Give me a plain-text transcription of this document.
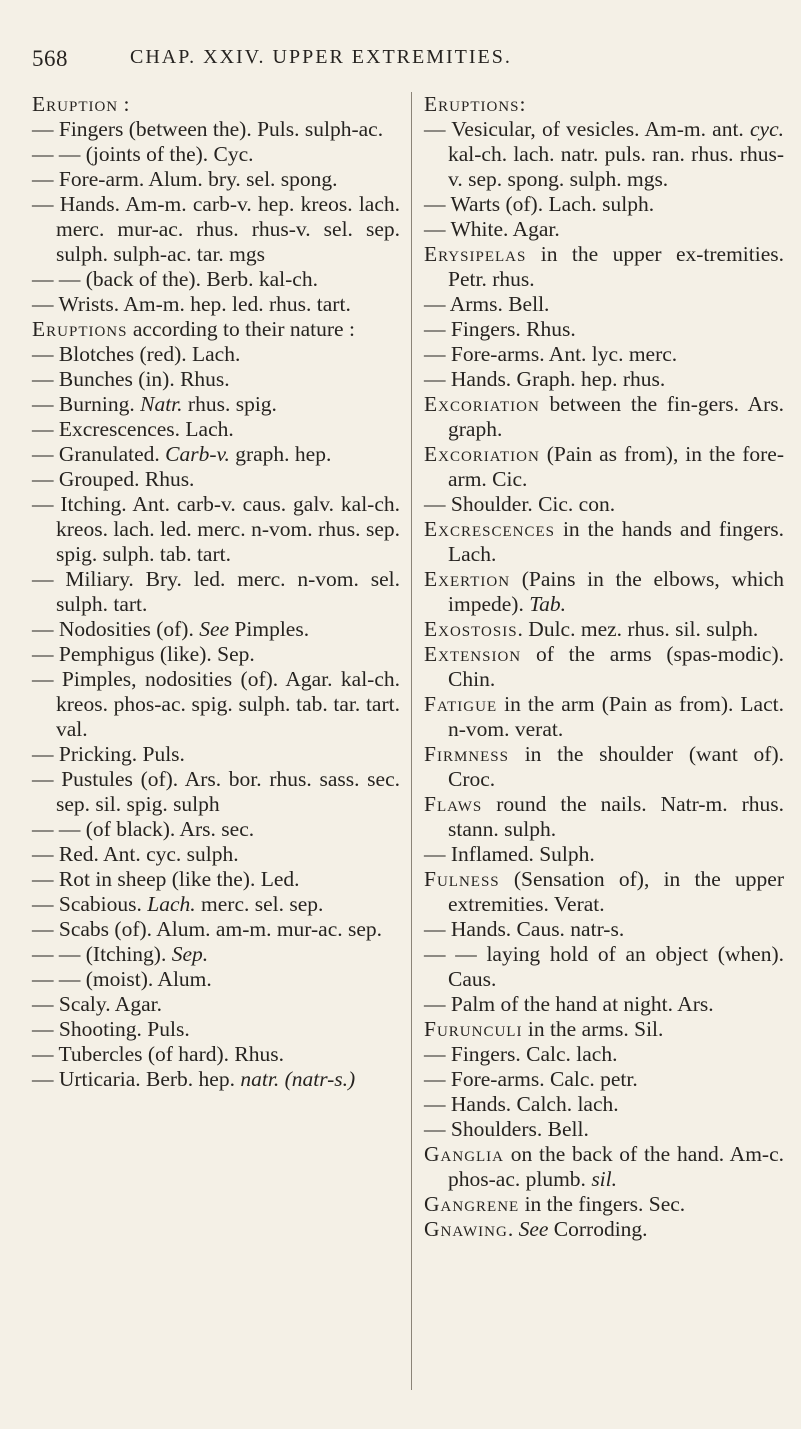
568	CHAP. XXIV. UPPER EXTREMITIES.
Eruption :
— Fingers (between the). Puls. sulph-ac.
— — (joints of the). Cyc.
— Fore-arm. Alum. bry. sel. spong.
— Hands. Am-m. carb-v. hep. kreos. lach. merc. mur-ac. rhus. rhus-v. sel. sep. sulph. sulph-ac. tar. mgs
— — (back of the). Berb. kal-ch.
— Wrists. Am-m. hep. led. rhus. tart.
Eruptions according to their nature :
— Blotches (red). Lach.
— Bunches (in). Rhus.
— Burning. Natr. rhus. spig.
— Excrescences. Lach.
— Granulated. Carb-v. graph. hep.
— Grouped. Rhus.
— Itching. Ant. carb-v. caus. galv. kal-ch. kreos. lach. led. merc. n-vom. rhus. sep. spig. sulph. tab. tart.
— Miliary. Bry. led. merc. n-vom. sel. sulph. tart.
— Nodosities (of). See Pimples.
— Pemphigus (like). Sep.
— Pimples, nodosities (of). Agar. kal-ch. kreos. phos-ac. spig. sulph. tab. tar. tart. val.
— Pricking. Puls.
— Pustules (of). Ars. bor. rhus. sass. sec. sep. sil. spig. sulph
— — (of black). Ars. sec.
— Red. Ant. cyc. sulph.
— Rot in sheep (like the). Led.
— Scabious. Lach. merc. sel. sep.
— Scabs (of). Alum. am-m. mur-ac. sep.
— — (Itching). Sep.
— — (moist). Alum.
— Scaly. Agar.
— Shooting. Puls.
— Tubercles (of hard). Rhus.
— Urticaria. Berb. hep. natr. (natr-s.)
Eruptions:
— Vesicular, of vesicles. Am-m. ant. cyc. kal-ch. lach. natr. puls. ran. rhus. rhus-v. sep. spong. sulph. mgs.
— Warts (of). Lach. sulph.
— White. Agar.
Erysipelas in the upper ex-tremities. Petr. rhus.
— Arms. Bell.
— Fingers. Rhus.
— Fore-arms. Ant. lyc. merc.
— Hands. Graph. hep. rhus.
Excoriation between the fin-gers. Ars. graph.
Excoriation (Pain as from), in the fore-arm. Cic.
— Shoulder. Cic. con.
Excrescences in the hands and fingers. Lach.
Exertion (Pains in the elbows, which impede). Tab.
Exostosis. Dulc. mez. rhus. sil. sulph.
Extension of the arms (spas-modic). Chin.
Fatigue in the arm (Pain as from). Lact. n-vom. verat.
Firmness in the shoulder (want of). Croc.
Flaws round the nails. Natr-m. rhus. stann. sulph.
— Inflamed. Sulph.
Fulness (Sensation of), in the upper extremities. Verat.
— Hands. Caus. natr-s.
— — laying hold of an object (when). Caus.
— Palm of the hand at night. Ars.
Furunculi in the arms. Sil.
— Fingers. Calc. lach.
— Fore-arms. Calc. petr.
— Hands. Calch. lach.
— Shoulders. Bell.
Ganglia on the back of the hand. Am-c. phos-ac. plumb. sil.
Gangrene in the fingers. Sec.
Gnawing. See Corroding.
